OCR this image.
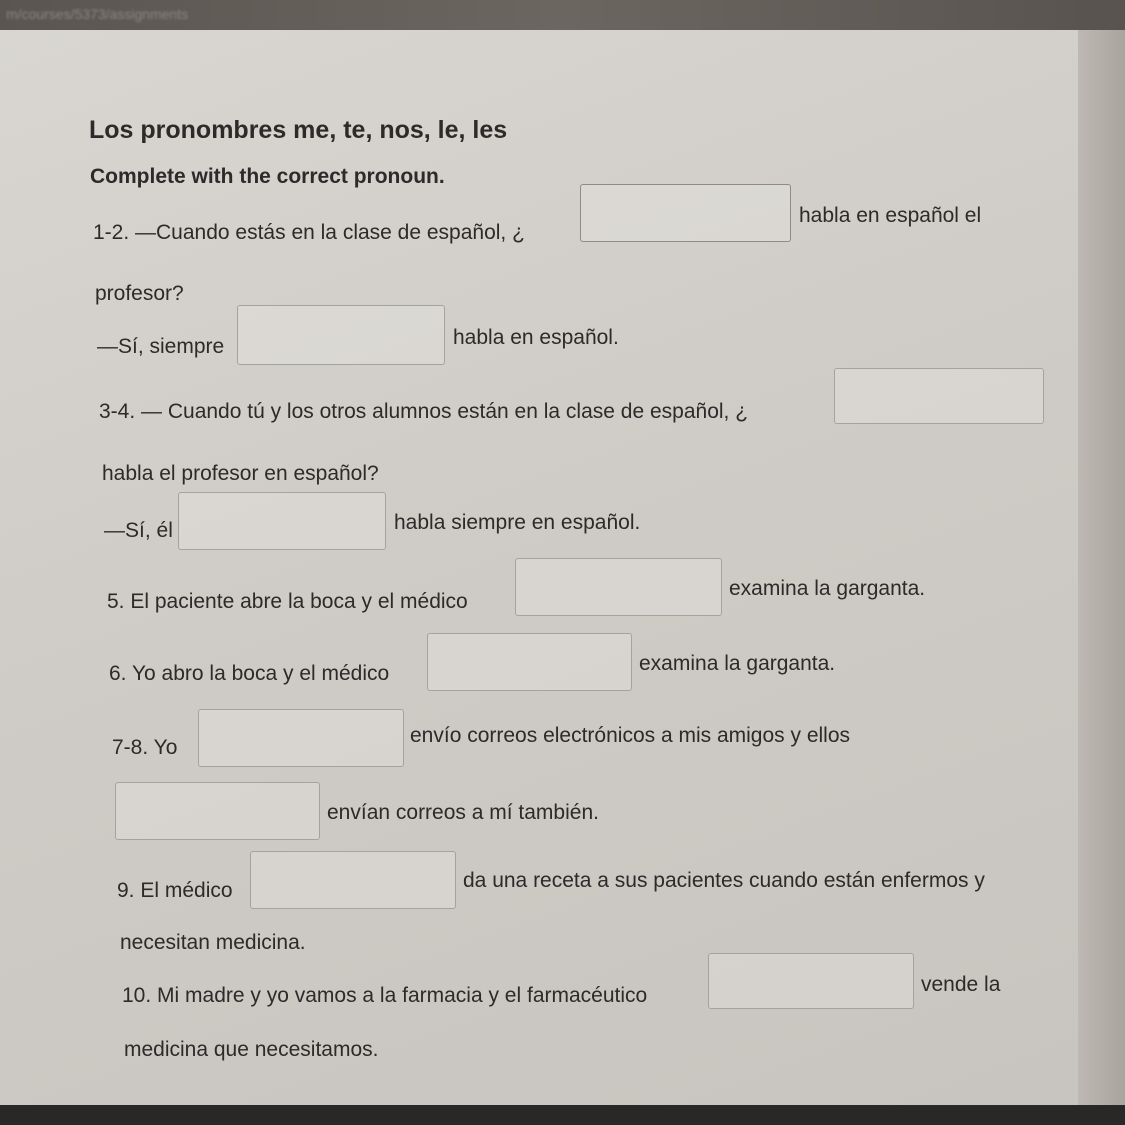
m/courses/5373/assignments
Los pronombres me, te, nos, le, les
Complete with the correct pronoun.
1-2. —Cuando estás en la clase de español, ¿
habla en español el
profesor?
—Sí, siempre	habla en español.
3-4. — Cuando tú y los otros alumnos están en la clase de español, ¿
habla el profesor en español?
—Sí, él	habla siempre en español.
5. El paciente abre la boca y el médico
examina la garganta.
6. Yo abro la boca y el médico	examina la garganta.
7-8. Yo
envío correos electrónicos a mis amigos y ellos
envían correos a mí también.
9. El médico	da una receta a sus pacientes cuando están enfermos y
necesitan medicina.
10. Mi madre y yo vamos a la farmacia y el farmacéutico	vende la
medicina que necesitamos.
